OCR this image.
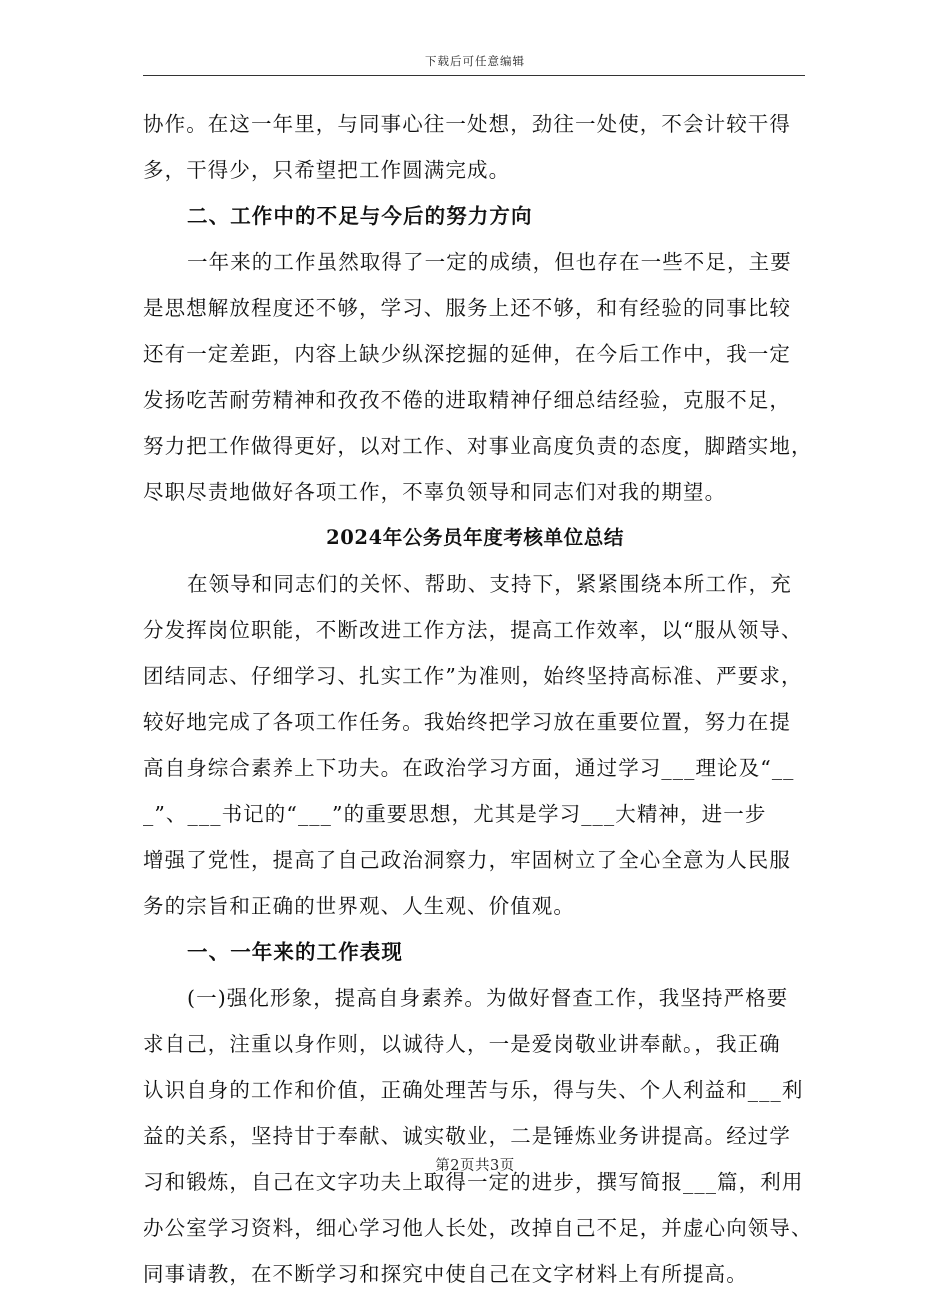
下载后可任意编辑
协作。在这一年里，与同事心往一处想，劲往一处使，不会计较干得
多，干得少，只希望把工作圆满完成。
二、工作中的不足与今后的努力方向
一年来的工作虽然取得了一定的成绩，但也存在一些不足，主要
是思想解放程度还不够，学习、服务上还不够，和有经验的同事比较
还有一定差距，内容上缺少纵深挖掘的延伸，在今后工作中，我一定
发扬吃苦耐劳精神和孜孜不倦的进取精神仔细总结经验，克服不足，
努力把工作做得更好，以对工作、对事业高度负责的态度，脚踏实地，
尽职尽责地做好各项工作，不辜负领导和同志们对我的期望。
2024年公务员年度考核单位总结
在领导和同志们的关怀、帮助、支持下，紧紧围绕本所工作，充
分发挥岗位职能，不断改进工作方法，提高工作效率，以“服从领导、
团结同志、仔细学习、扎实工作”为准则，始终坚持高标准、严要求，
较好地完成了各项工作任务。我始终把学习放在重要位置，努力在提
高自身综合素养上下功夫。在政治学习方面，通过学习___理论及“__
_”、___书记的“___”的重要思想，尤其是学习___大精神，进一步
增强了党性，提高了自己政治洞察力，牢固树立了全心全意为人民服
务的宗旨和正确的世界观、人生观、价值观。
一、一年来的工作表现
(一)强化形象，提高自身素养。为做好督查工作，我坚持严格要
求自己，注重以身作则，以诚待人，一是爱岗敬业讲奉献。，我正确
认识自身的工作和价值，正确处理苦与乐，得与失、个人利益和___利
益的关系，坚持甘于奉献、诚实敬业，二是锤炼业务讲提高。经过学
习和锻炼，自己在文字功夫上取得一定的进步，撰写简报___篇，利用
办公室学习资料，细心学习他人长处，改掉自己不足，并虚心向领导、
同事请教，在不断学习和探究中使自己在文字材料上有所提高。
第2页共3页
